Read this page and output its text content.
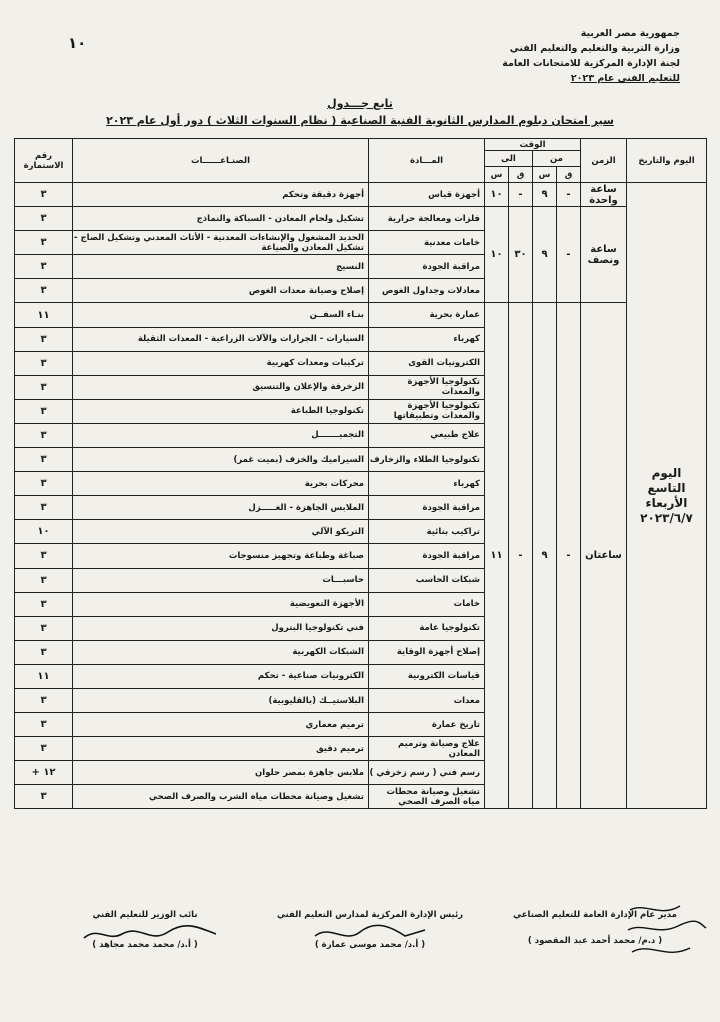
١٠
جمهورية مصر العربية
وزارة التربية والتعليم والتعليم الفني
لجنة الإدارة المركزية للامتحانات العامة
للتعليم الفني عام ٢٠٢٣
تابع جـــدول
سير امتحان دبلوم المدارس الثانوية الفنية الصناعية ( نظام السنوات الثلاث ) دور أول عام ٢٠٢٣
اليوم والتاريخ	الزمن	الوقت				المـــادة	الصنـاعــــــات	رقم الاستمارة
		من		الى				
		ق	س	ق	س			

اليوم
التاسع
الأربعاء
٢٠٢٣/٦/٧	ساعة واحدة	-	٩	-	١٠	أجهزة قياس	أجهزة دقيقة وتحكم	٣
	ساعة ونصف	-	٩	٣٠	١٠	فلزات ومعالجة حرارية	تشكيل ولحام المعادن - السباكة والنماذج	٣
						خامات معدنية	الحديد المشغول والإنشاءات المعدنية - الأثاث المعدني وتشكيل الصاج - تشكيل المعادن والصياغة	٣
						مراقبة الجودة	النسيج	٣
						معادلات وجداول الغوص	إصلاح وصيانة معدات الغوص	٣
	ساعتان	-	٩	-	١١	عمارة بحرية	بنـاء السفــن	١١
						كهرباء	السيارات - الجرارات والآلات الزراعية - المعدات الثقيلة	٣
						الكترونيات القوى	تركيبات ومعدات كهربية	٣
						تكنولوجيا الأجهزة والمعدات	الزخرفة والإعلان والتنسيق	٣
						تكنولوجيا الأجهزة والمعدات وتطبيقاتها	تكنولوجيا الطباعة	٣
						علاج طبيعي	التجميـــــــل	٣
						تكنولوجيا الطلاء والزخارف	السيراميك والخزف (بميت غمر)	٣
						كهرباء	محركات بحرية	٣
						مراقبة الجودة	الملابس الجاهزة - الغـــــزل	٣
						تراكيب بنائية	التريكو الآلي	١٠
						مراقبة الجودة	صباغة وطباعة وتجهيز منسوجات	٣
						شبكات الحاسب	حاسبـــات	٣
						خامات	الأجهزة التعويضية	٣
						تكنولوجيا عامة	فني تكنولوجيا البترول	٣
						إصلاح أجهزة الوقاية	الشبكات الكهربية	٣
						قياسات الكترونية	الكترونيات صناعية - تحكم	١١
						معدات	البلاستيــك (بالقليوبية)	٣
						تاريخ عمارة	ترميم معماري	٣
						علاج وصيانة وترميم المعادن	ترميم دقيق	٣
						رسم فني ( رسم زخرفي )	ملابس جاهزة بمصر حلوان	١٢ +
						تشغيل وصيانة محطات مياه الصرف الصحي	تشغيل وصيانة محطات مياه الشرب والصرف الصحي	٣
مدير عام الإدارة العامة للتعليم الصناعي
( د.م/ محمد أحمد عبد المقصود )
رئيس الإدارة المركزية لمدارس التعليم الفني
( أ.د/ محمد موسى عمارة )
نائب الوزير للتعليم الفني
( أ.د/ محمد محمد مجاهد )
